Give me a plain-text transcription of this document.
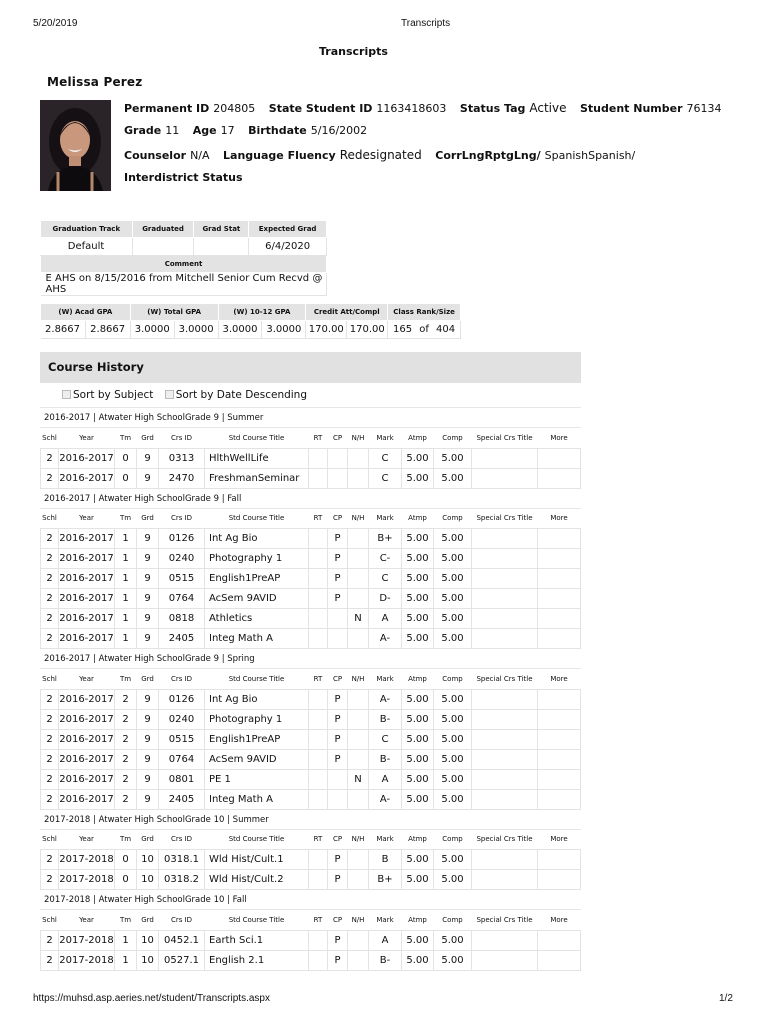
5/20/2019	Transcripts
Transcripts
Melissa Perez
Permanent ID 204805 State Student ID 1163418603 Status Tag Active Student Number 76134
Grade 11 Age 17 Birthdate 5/16/2002
Counselor N/A Language Fluency Redesignated CorrLngRptgLng/ SpanishSpanish/
Interdistrict Status
Graduation Track	Graduated	Grad Stat	Expected Grad
Default			6/4/2020
Comment			
E AHS on 8/15/2016 from Mitchell Senior Cum Recvd @ AHS			
(W) Acad GPA		(W) Total GPA		(W) 10-12 GPA		Credit Att/Compl		Class Rank/Size		
2.8667	2.8667	3.0000	3.0000	3.0000	3.0000	170.00	170.00	165	of	404
Course History
Sort by Subject Sort by Date Descending
2016-2017 | Atwater High SchoolGrade 9 | Summer
Schl	Year	Tm	Grd	Crs ID	Std Course Title	RT	CP	N/H	Mark	Atmp	Comp	Special Crs Title	More
2	2016-2017	0	9	0313	HlthWellLife				C	5.00	5.00		
2	2016-2017	0	9	2470	FreshmanSeminar				C	5.00	5.00		
2016-2017 | Atwater High SchoolGrade 9 | Fall
Schl	Year	Tm	Grd	Crs ID	Std Course Title	RT	CP	N/H	Mark	Atmp	Comp	Special Crs Title	More
2	2016-2017	1	9	0126	Int Ag Bio		P		B+	5.00	5.00		
2	2016-2017	1	9	0240	Photography 1		P		C-	5.00	5.00		
2	2016-2017	1	9	0515	English1PreAP		P		C	5.00	5.00		
2	2016-2017	1	9	0764	AcSem 9AVID		P		D-	5.00	5.00		
2	2016-2017	1	9	0818	Athletics			N	A	5.00	5.00		
2	2016-2017	1	9	2405	Integ Math A				A-	5.00	5.00		
2016-2017 | Atwater High SchoolGrade 9 | Spring
Schl	Year	Tm	Grd	Crs ID	Std Course Title	RT	CP	N/H	Mark	Atmp	Comp	Special Crs Title	More
2	2016-2017	2	9	0126	Int Ag Bio		P		A-	5.00	5.00		
2	2016-2017	2	9	0240	Photography 1		P		B-	5.00	5.00		
2	2016-2017	2	9	0515	English1PreAP		P		C	5.00	5.00		
2	2016-2017	2	9	0764	AcSem 9AVID		P		B-	5.00	5.00		
2	2016-2017	2	9	0801	PE 1			N	A	5.00	5.00		
2	2016-2017	2	9	2405	Integ Math A				A-	5.00	5.00		
2017-2018 | Atwater High SchoolGrade 10 | Summer
Schl	Year	Tm	Grd	Crs ID	Std Course Title	RT	CP	N/H	Mark	Atmp	Comp	Special Crs Title	More
2	2017-2018	0	10	0318.1	Wld Hist/Cult.1		P		B	5.00	5.00		
2	2017-2018	0	10	0318.2	Wld Hist/Cult.2		P		B+	5.00	5.00		
2017-2018 | Atwater High SchoolGrade 10 | Fall
Schl	Year	Tm	Grd	Crs ID	Std Course Title	RT	CP	N/H	Mark	Atmp	Comp	Special Crs Title	More
2	2017-2018	1	10	0452.1	Earth Sci.1		P		A	5.00	5.00		
2	2017-2018	1	10	0527.1	English 2.1		P		B-	5.00	5.00		
https://muhsd.asp.aeries.net/student/Transcripts.aspx	1/2
